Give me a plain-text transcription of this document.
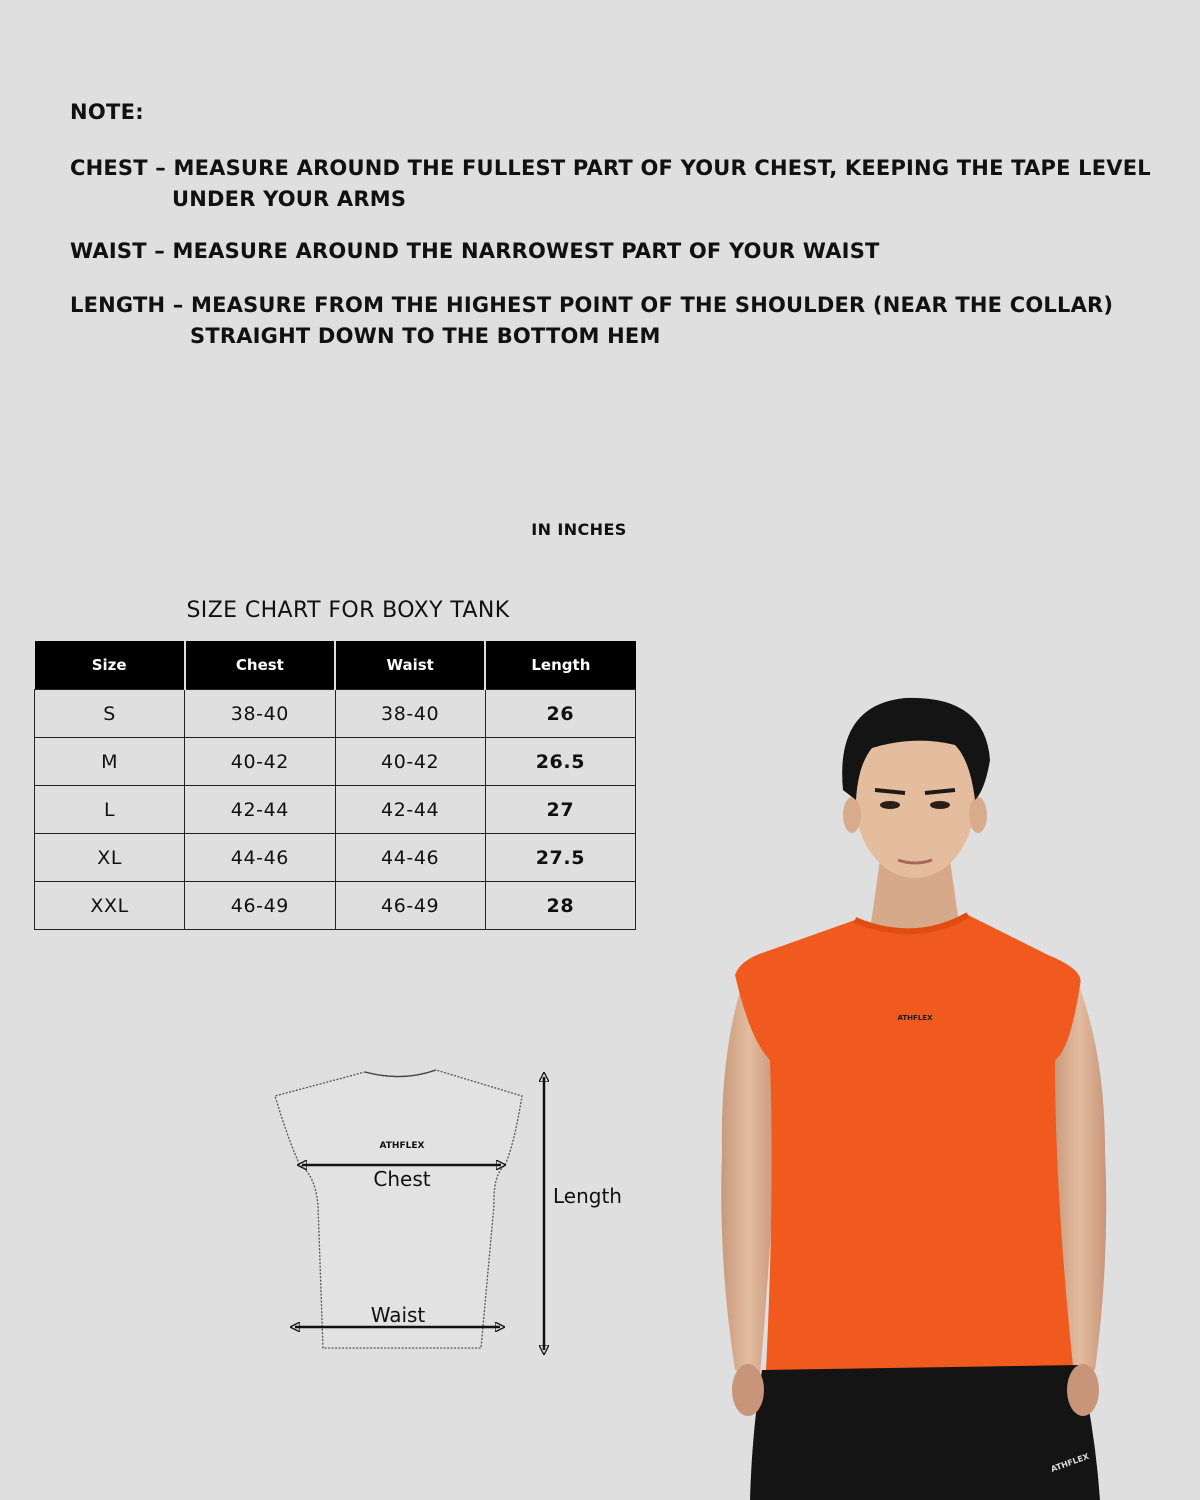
NOTE:
CHEST – MEASURE AROUND THE FULLEST PART OF YOUR CHEST, KEEPING THE TAPE LEVEL
UNDER YOUR ARMS
WAIST – MEASURE AROUND THE NARROWEST PART OF YOUR WAIST
LENGTH – MEASURE FROM THE HIGHEST POINT OF THE SHOULDER (NEAR THE COLLAR)
STRAIGHT DOWN TO THE BOTTOM HEM
IN INCHES
SIZE CHART FOR BOXY TANK
Size	Chest	Waist	Length
S	38-40	38-40	26
M	40-42	40-42	26.5
L	42-44	42-44	27
XL	44-46	44-46	27.5
XXL	46-49	46-49	28
ATHFLEX
Chest
Waist
Length
ATHFLEX
ATHFLEX
